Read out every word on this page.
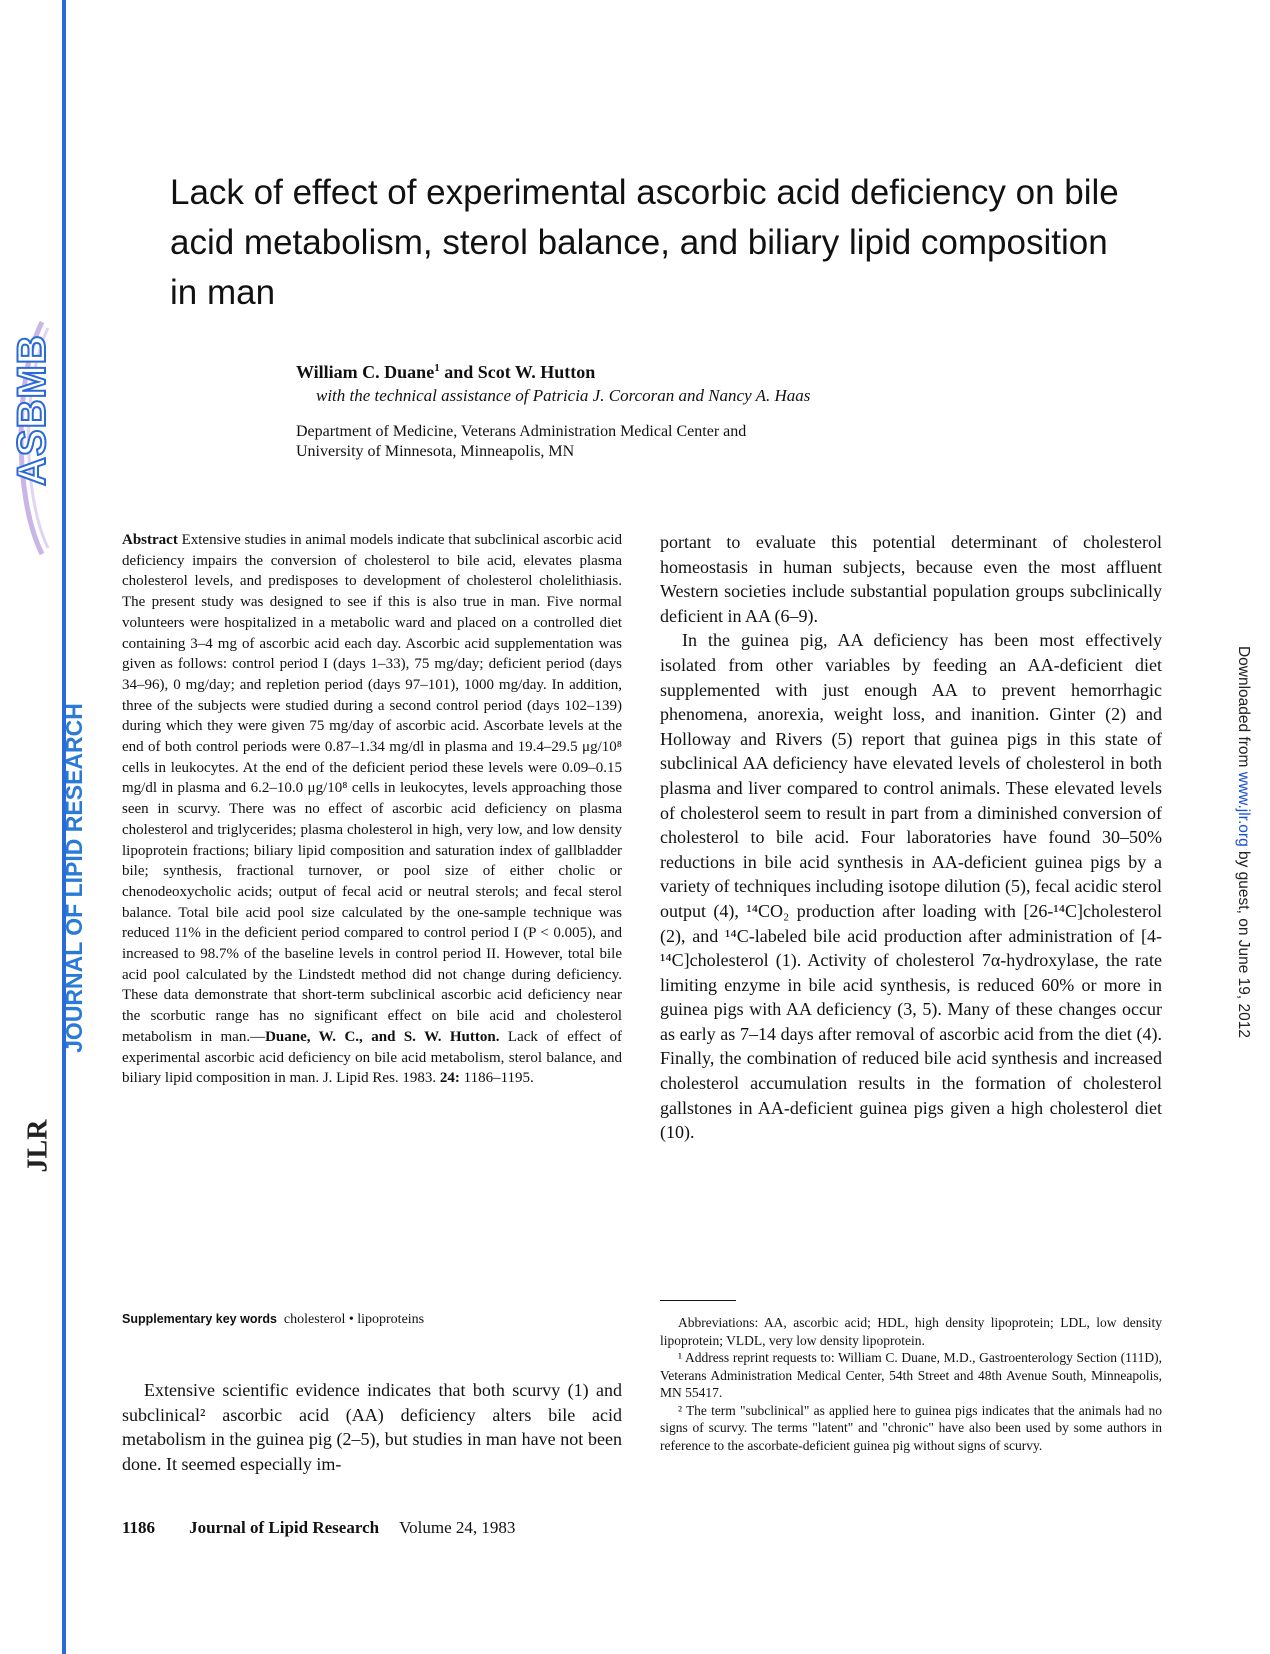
ASBMB
JOURNAL OF LIPID RESEARCH
JLR
Downloaded from www.jlr.org by guest, on June 19, 2012
Lack of effect of experimental ascorbic acid deficiency on bile acid metabolism, sterol balance, and biliary lipid composition in man
William C. Duane$^1$ and Scot W. Hutton
with the technical assistance of Patricia J. Corcoran and Nancy A. Haas
Department of Medicine, Veterans Administration Medical Center and
University of Minnesota, Minneapolis, MN

Abstract Extensive studies in animal models indicate that subclinical ascorbic acid deficiency impairs the conversion of cholesterol to bile acid, elevates plasma cholesterol levels, and predisposes to development of cholesterol cholelithiasis. The present study was designed to see if this is also true in man. Five normal volunteers were hospitalized in a metabolic ward and placed on a controlled diet containing 3–4 mg of ascorbic acid each day. Ascorbic acid supplementation was given as follows: control period I (days 1–33), 75 mg/day; deficient period (days 34–96), 0 mg/day; and repletion period (days 97–101), 1000 mg/day. In addition, three of the subjects were studied during a second control period (days 102–139) during which they were given 75 mg/day of ascorbic acid. Ascorbate levels at the end of both control periods were 0.87–1.34 mg/dl in plasma and 19.4–29.5 μg/10⁸ cells in leukocytes. At the end of the deficient period these levels were 0.09–0.15 mg/dl in plasma and 6.2–10.0 μg/10⁸ cells in leukocytes, levels approaching those seen in scurvy. There was no effect of ascorbic acid deficiency on plasma cholesterol and triglycerides; plasma cholesterol in high, very low, and low density lipoprotein fractions; biliary lipid composition and saturation index of gallbladder bile; synthesis, fractional turnover, or pool size of either cholic or chenodeoxycholic acids; output of fecal acid or neutral sterols; and fecal sterol balance. Total bile acid pool size calculated by the one-sample technique was reduced 11% in the deficient period compared to control period I (P < 0.005), and increased to 98.7% of the baseline levels in control period II. However, total bile acid pool calculated by the Lindstedt method did not change during deficiency. These data demonstrate that short-term subclinical ascorbic acid deficiency near the scorbutic range has no significant effect on bile acid and cholesterol metabolism in man.—Duane, W. C., and S. W. Hutton. Lack of effect of experimental ascorbic acid deficiency on bile acid metabolism, sterol balance, and biliary lipid composition in man. J. Lipid Res. 1983. 24: 1186–1195.

Supplementary key words cholesterol • lipoproteins

Extensive scientific evidence indicates that both scurvy (1) and subclinical² ascorbic acid (AA) deficiency alters bile acid metabolism in the guinea pig (2–5), but studies in man have not been done. It seemed especially im-

portant to evaluate this potential determinant of cholesterol homeostasis in human subjects, because even the most affluent Western societies include substantial population groups subclinically deficient in AA (6–9).

In the guinea pig, AA deficiency has been most effectively isolated from other variables by feeding an AA-deficient diet supplemented with just enough AA to prevent hemorrhagic phenomena, anorexia, weight loss, and inanition. Ginter (2) and Holloway and Rivers (5) report that guinea pigs in this state of subclinical AA deficiency have elevated levels of cholesterol in both plasma and liver compared to control animals. These elevated levels of cholesterol seem to result in part from a diminished conversion of cholesterol to bile acid. Four laboratories have found 30–50% reductions in bile acid synthesis in AA-deficient guinea pigs by a variety of techniques including isotope dilution (5), fecal acidic sterol output (4), ¹⁴CO₂ production after loading with [26-¹⁴C]cholesterol (2), and ¹⁴C-labeled bile acid production after administration of [4-¹⁴C]cholesterol (1). Activity of cholesterol 7α-hydroxylase, the rate limiting enzyme in bile acid synthesis, is reduced 60% or more in guinea pigs with AA deficiency (3, 5). Many of these changes occur as early as 7–14 days after removal of ascorbic acid from the diet (4). Finally, the combination of reduced bile acid synthesis and increased cholesterol accumulation results in the formation of cholesterol gallstones in AA-deficient guinea pigs given a high cholesterol diet (10).

Abbreviations: AA, ascorbic acid; HDL, high density lipoprotein; LDL, low density lipoprotein; VLDL, very low density lipoprotein.

¹ Address reprint requests to: William C. Duane, M.D., Gastroenterology Section (111D), Veterans Administration Medical Center, 54th Street and 48th Avenue South, Minneapolis, MN 55417.

² The term "subclinical" as applied here to guinea pigs indicates that the animals had no signs of scurvy. The terms "latent" and "chronic" have also been used by some authors in reference to the ascorbate-deficient guinea pig without signs of scurvy.

1186 Journal of Lipid Research Volume 24, 1983
